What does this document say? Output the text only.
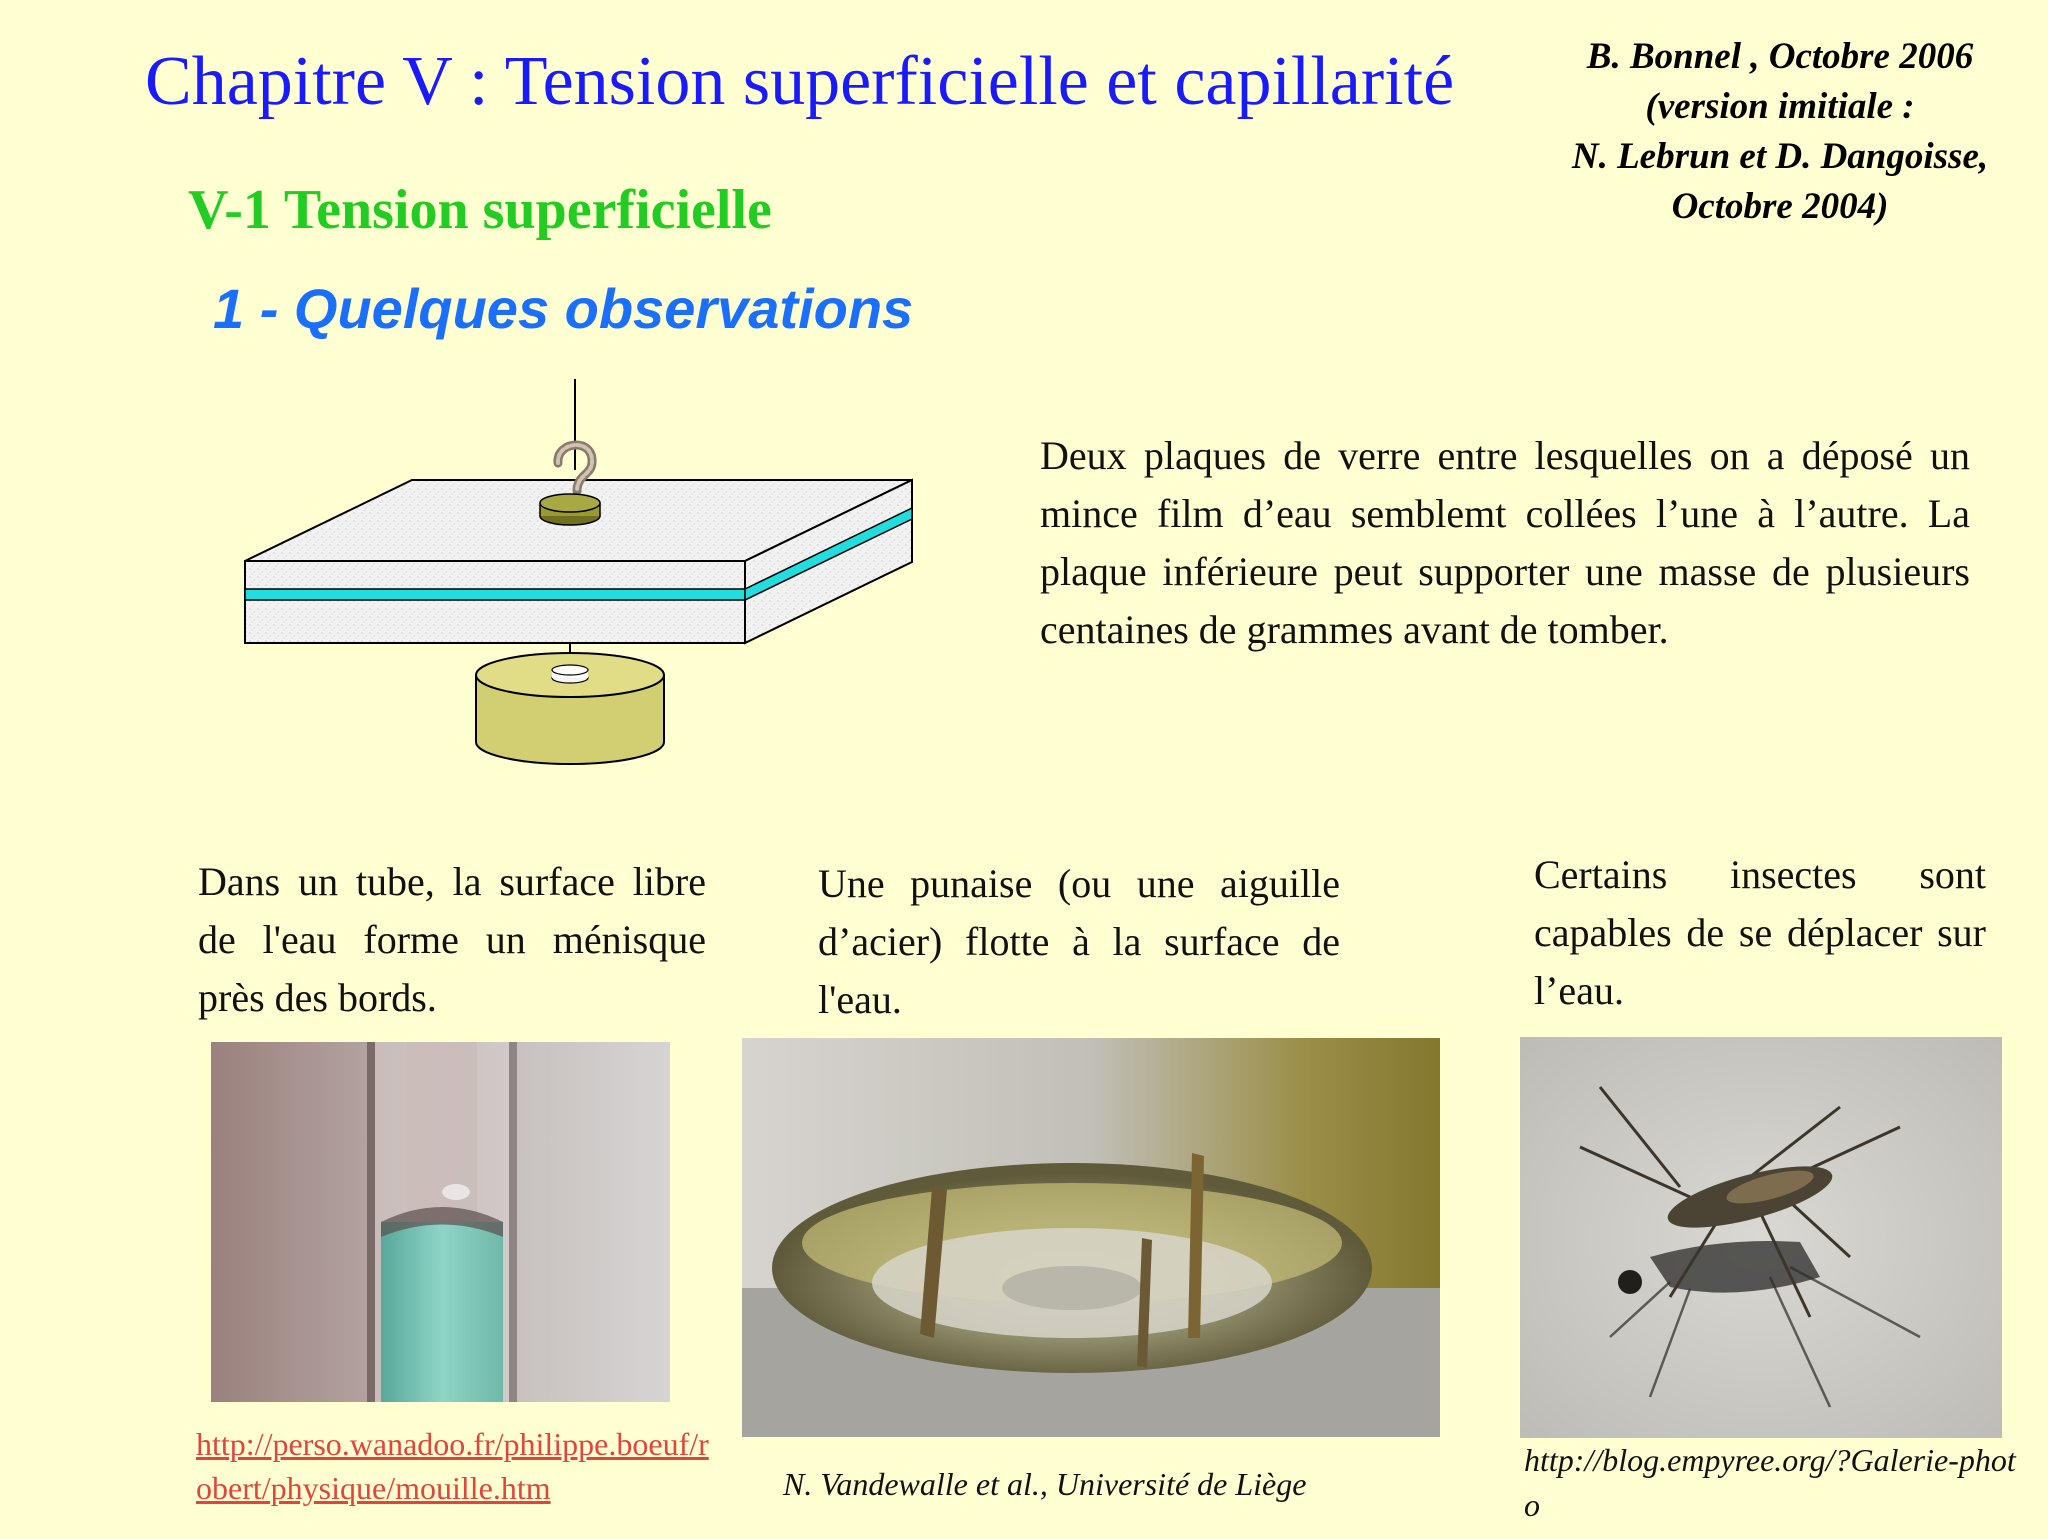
Chapitre V : Tension superficielle et capillarité	B. Bonnel , Octobre 2006
(version imitiale :
N. Lebrun et D. Dangoisse,
Octobre 2004)
V-1 Tension superficielle
1 - Quelques observations
Deux plaques de verre entre lesquelles on a déposé un mince film d’eau semblemt collées l’une à l’autre. La plaque inférieure peut supporter une masse de plusieurs centaines de grammes avant de tomber.
Dans un tube, la surface libre de l'eau forme un ménisque près des bords.
Une punaise (ou une aiguille d’acier) flotte à la surface de l'eau.
Certains insectes sont capables de se déplacer sur l’eau.
http://perso.wanadoo.fr/philippe.boeuf/robert/physique/mouille.htm	N. Vandewalle et al., Université de Liège
http://blog.empyree.org/?Galerie-photo
